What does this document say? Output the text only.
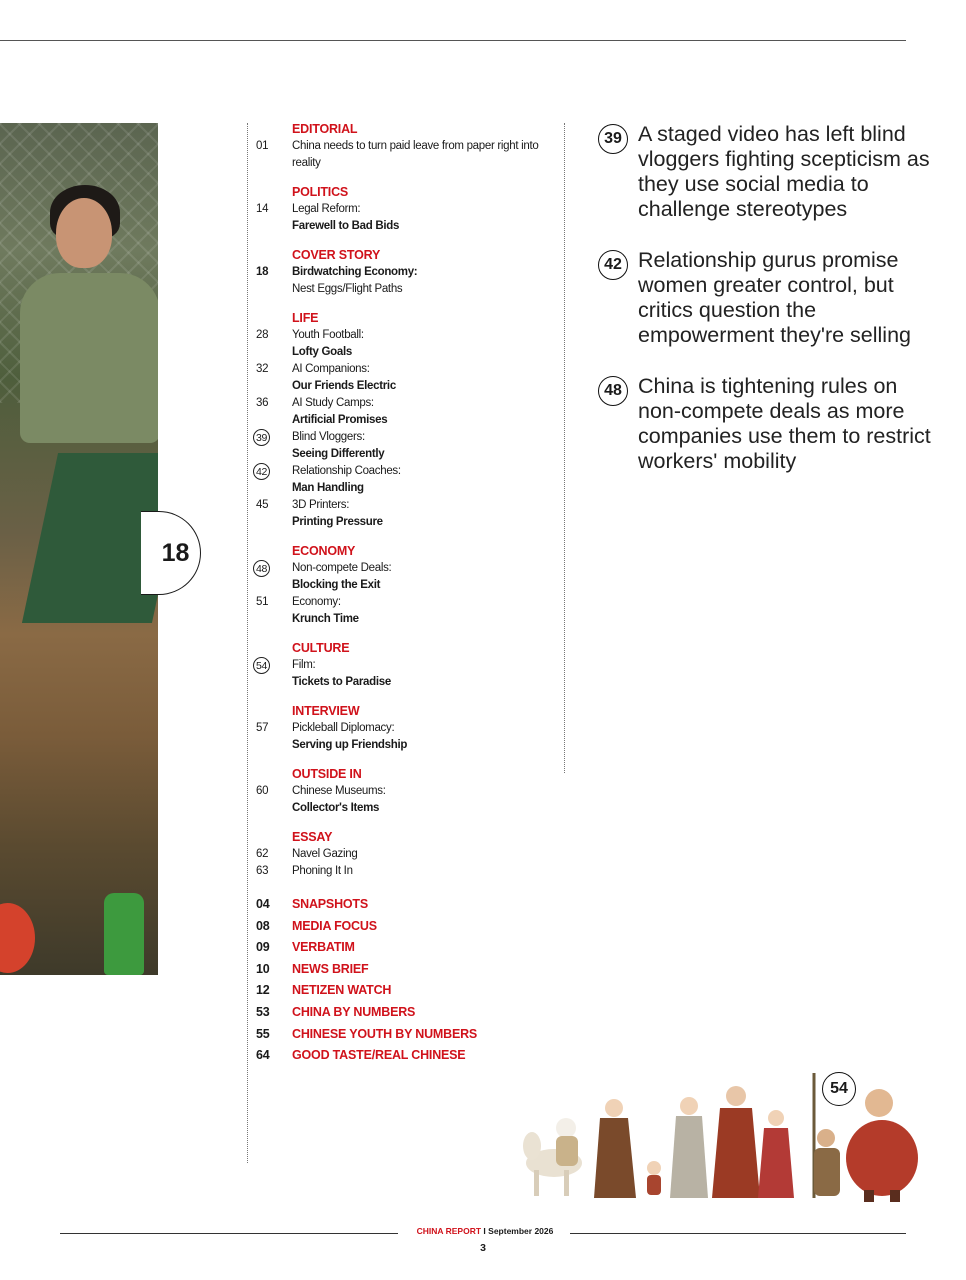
18
EDITORIAL
01	China needs to turn paid leave from paper right into
reality
POLITICS
14	Legal Reform:
Farewell to Bad Bids
COVER STORY
18	Birdwatching Economy:
Nest Eggs/Flight Paths
LIFE
28	Youth Football:
Lofty Goals
32	AI Companions:
Our Friends Electric
36	AI Study Camps:
Artificial Promises
39	Blind Vloggers:
Seeing Differently
42	Relationship Coaches:
Man Handling
45	3D Printers:
Printing Pressure
ECONOMY
48	Non-compete Deals:
Blocking the Exit
51	Economy:
Krunch Time
CULTURE
54	Film:
Tickets to Paradise
INTERVIEW
57	Pickleball Diplomacy:
Serving up Friendship
OUTSIDE IN
60	Chinese Museums:
Collector's Items
ESSAY
62	Navel Gazing
63	Phoning It In
04	SNAPSHOTS
08	MEDIA FOCUS
09	VERBATIM
10	NEWS BRIEF
12	NETIZEN WATCH
53	CHINA BY NUMBERS
55	CHINESE YOUTH BY NUMBERS
64	GOOD TASTE/REAL CHINESE
39 A staged video has left blind vloggers fighting scepticism as they use social media to challenge stereotypes
42 Relationship gurus promise women greater control, but critics question the empowerment they're selling
48 China is tightening rules on non-compete deals as more companies use them to restrict workers' mobility
54
CHINA REPORT I September 2026
3
